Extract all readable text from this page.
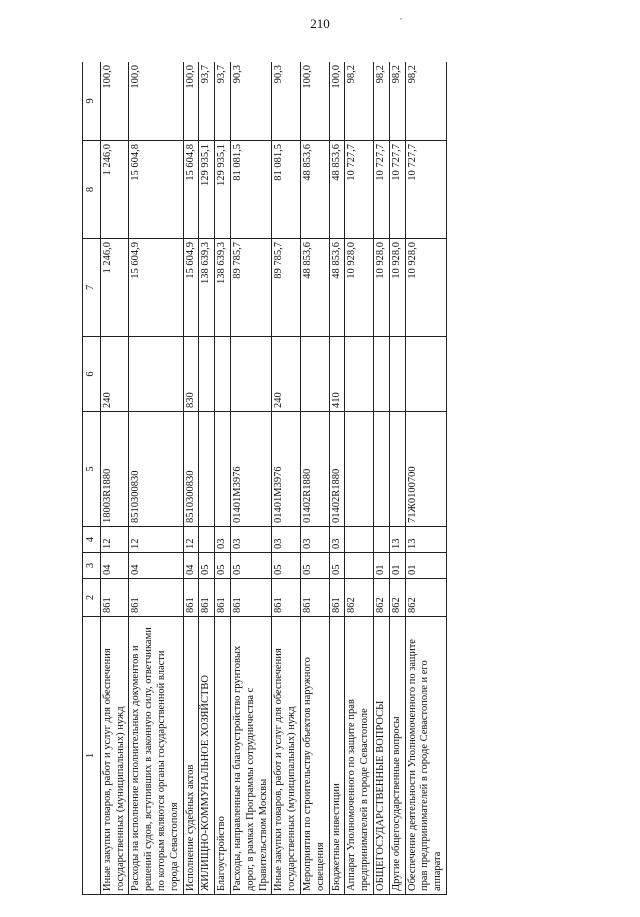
210	,
1	2	3	4	5	6	7	8	9
Иные закупки товаров, работ и услуг для обеспечения государственных (муниципальных) нужд	861	04	12	18003R1880	240	1 246,0	1 246,0	100,0
Расходы на исполнение исполнительных документов и решений судов, вступивших в законную силу, ответчиками по которым являются органы государственной власти города Севастополя	861	04	12	8510300830		15 604,9	15 604,8	100,0
Исполнение судебных актов	861	04	12	8510300830	830	15 604,9	15 604,8	100,0
ЖИЛИЩНО-КОММУНАЛЬНОЕ ХОЗЯЙСТВО	861	05				138 639,3	129 935,1	93,7
Благоустройство	861	05	03			138 639,3	129 935,1	93,7
Расходы, направленные на благоустройство грунтовых дорог, в рамках Программы сотрудничества с Правительством Москвы	861	05	03	01401М3976		89 785,7	81 081,5	90,3
Иные закупки товаров, работ и услуг для обеспечения государственных (муниципальных) нужд	861	05	03	01401М3976	240	89 785,7	81 081,5	90,3
Мероприятия по строительству объектов наружного освещения	861	05	03	01402R1880		48 853,6	48 853,6	100,0
Бюджетные инвестиции	861	05	03	01402R1880	410	48 853,6	48 853,6	100,0
Аппарат Уполномоченного по защите прав предпринимателей в городе Севастополе	862					10 928,0	10 727,7	98,2
ОБЩЕГОСУДАРСТВЕННЫЕ ВОПРОСЫ	862	01				10 928,0	10 727,7	98,2
Другие общегосударственные вопросы	862	01	13			10 928,0	10 727,7	98,2
Обеспечение деятельности Уполномоченного по защите прав предпринимателей в городе Севастополе и его аппарата	862	01	13	71Ж0100700		10 928,0	10 727,7	98,2
